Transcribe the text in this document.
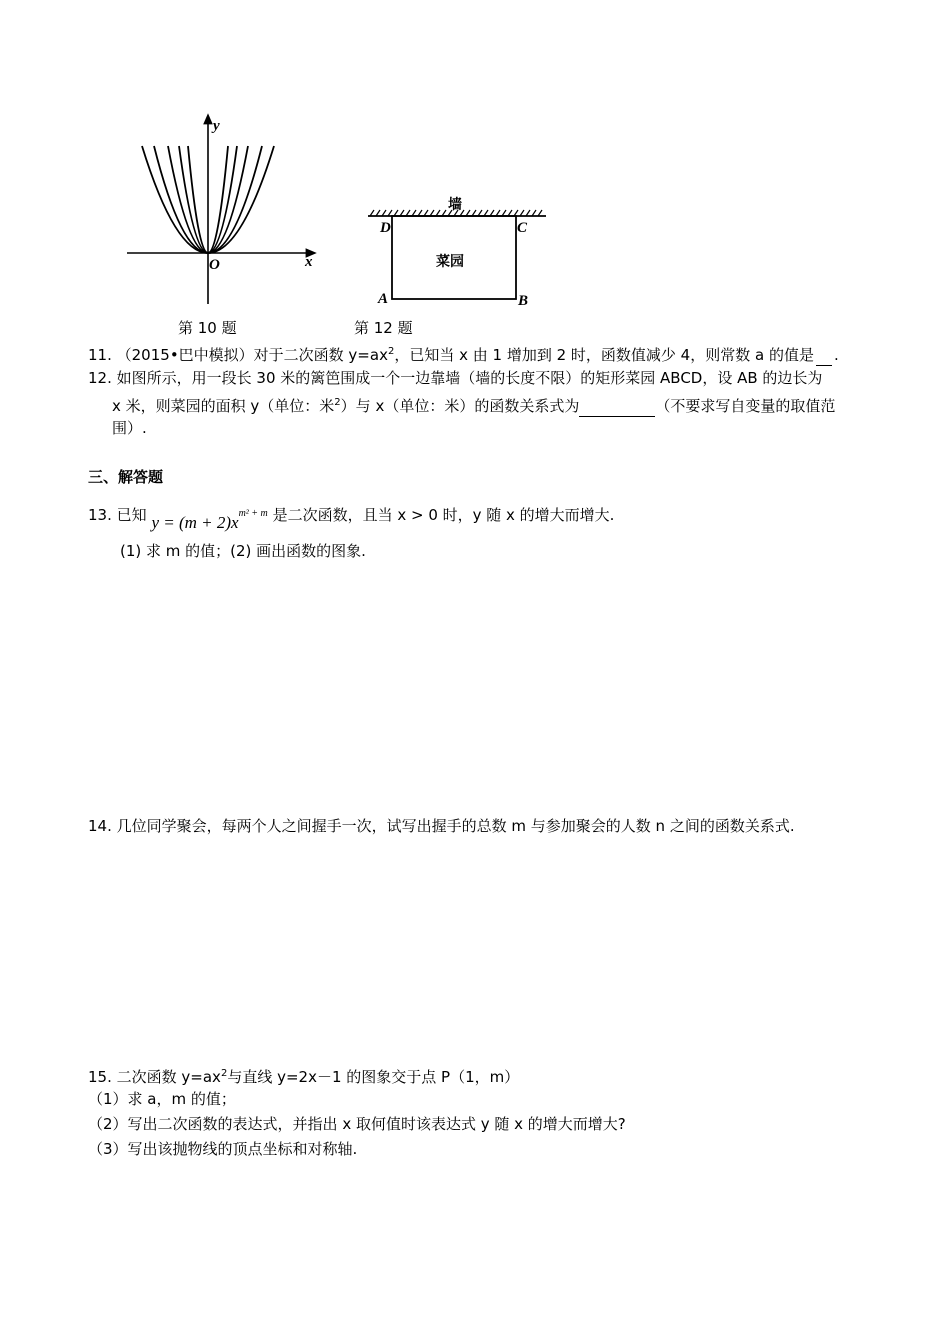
y
x
O
墙
菜园
D	C
A	B
第 10 题	第 12 题
11. （2015•巴中模拟）对于二次函数 $y=ax^2$，已知当 x 由 1 增加到 2 时，函数值减少 4，则常数 a 的值是 .
12. 如图所示，用一段长 30 米的篱笆围成一个一边靠墙（墙的长度不限）的矩形菜园 ABCD，设 AB 的边长为
x 米，则菜园的面积 y（单位：米$^2$）与 x（单位：米）的函数关系式为	（不要求写自变量的取值范
围）.
三、解答题
13. 已知 $y = (m + 2)x^{m^2 + m}$ 是二次函数，且当 x > 0 时，y 随 x 的增大而增大.
(1) 求 m 的值；(2) 画出函数的图象.
14. 几位同学聚会，每两个人之间握手一次，试写出握手的总数 m 与参加聚会的人数 n 之间的函数关系式.
15. 二次函数 $y=ax^2$与直线 y=2x－1 的图象交于点 P（1，m）
（1）求 a，m 的值；
（2）写出二次函数的表达式，并指出 x 取何值时该表达式 y 随 x 的增大而增大?
（3）写出该抛物线的顶点坐标和对称轴.
